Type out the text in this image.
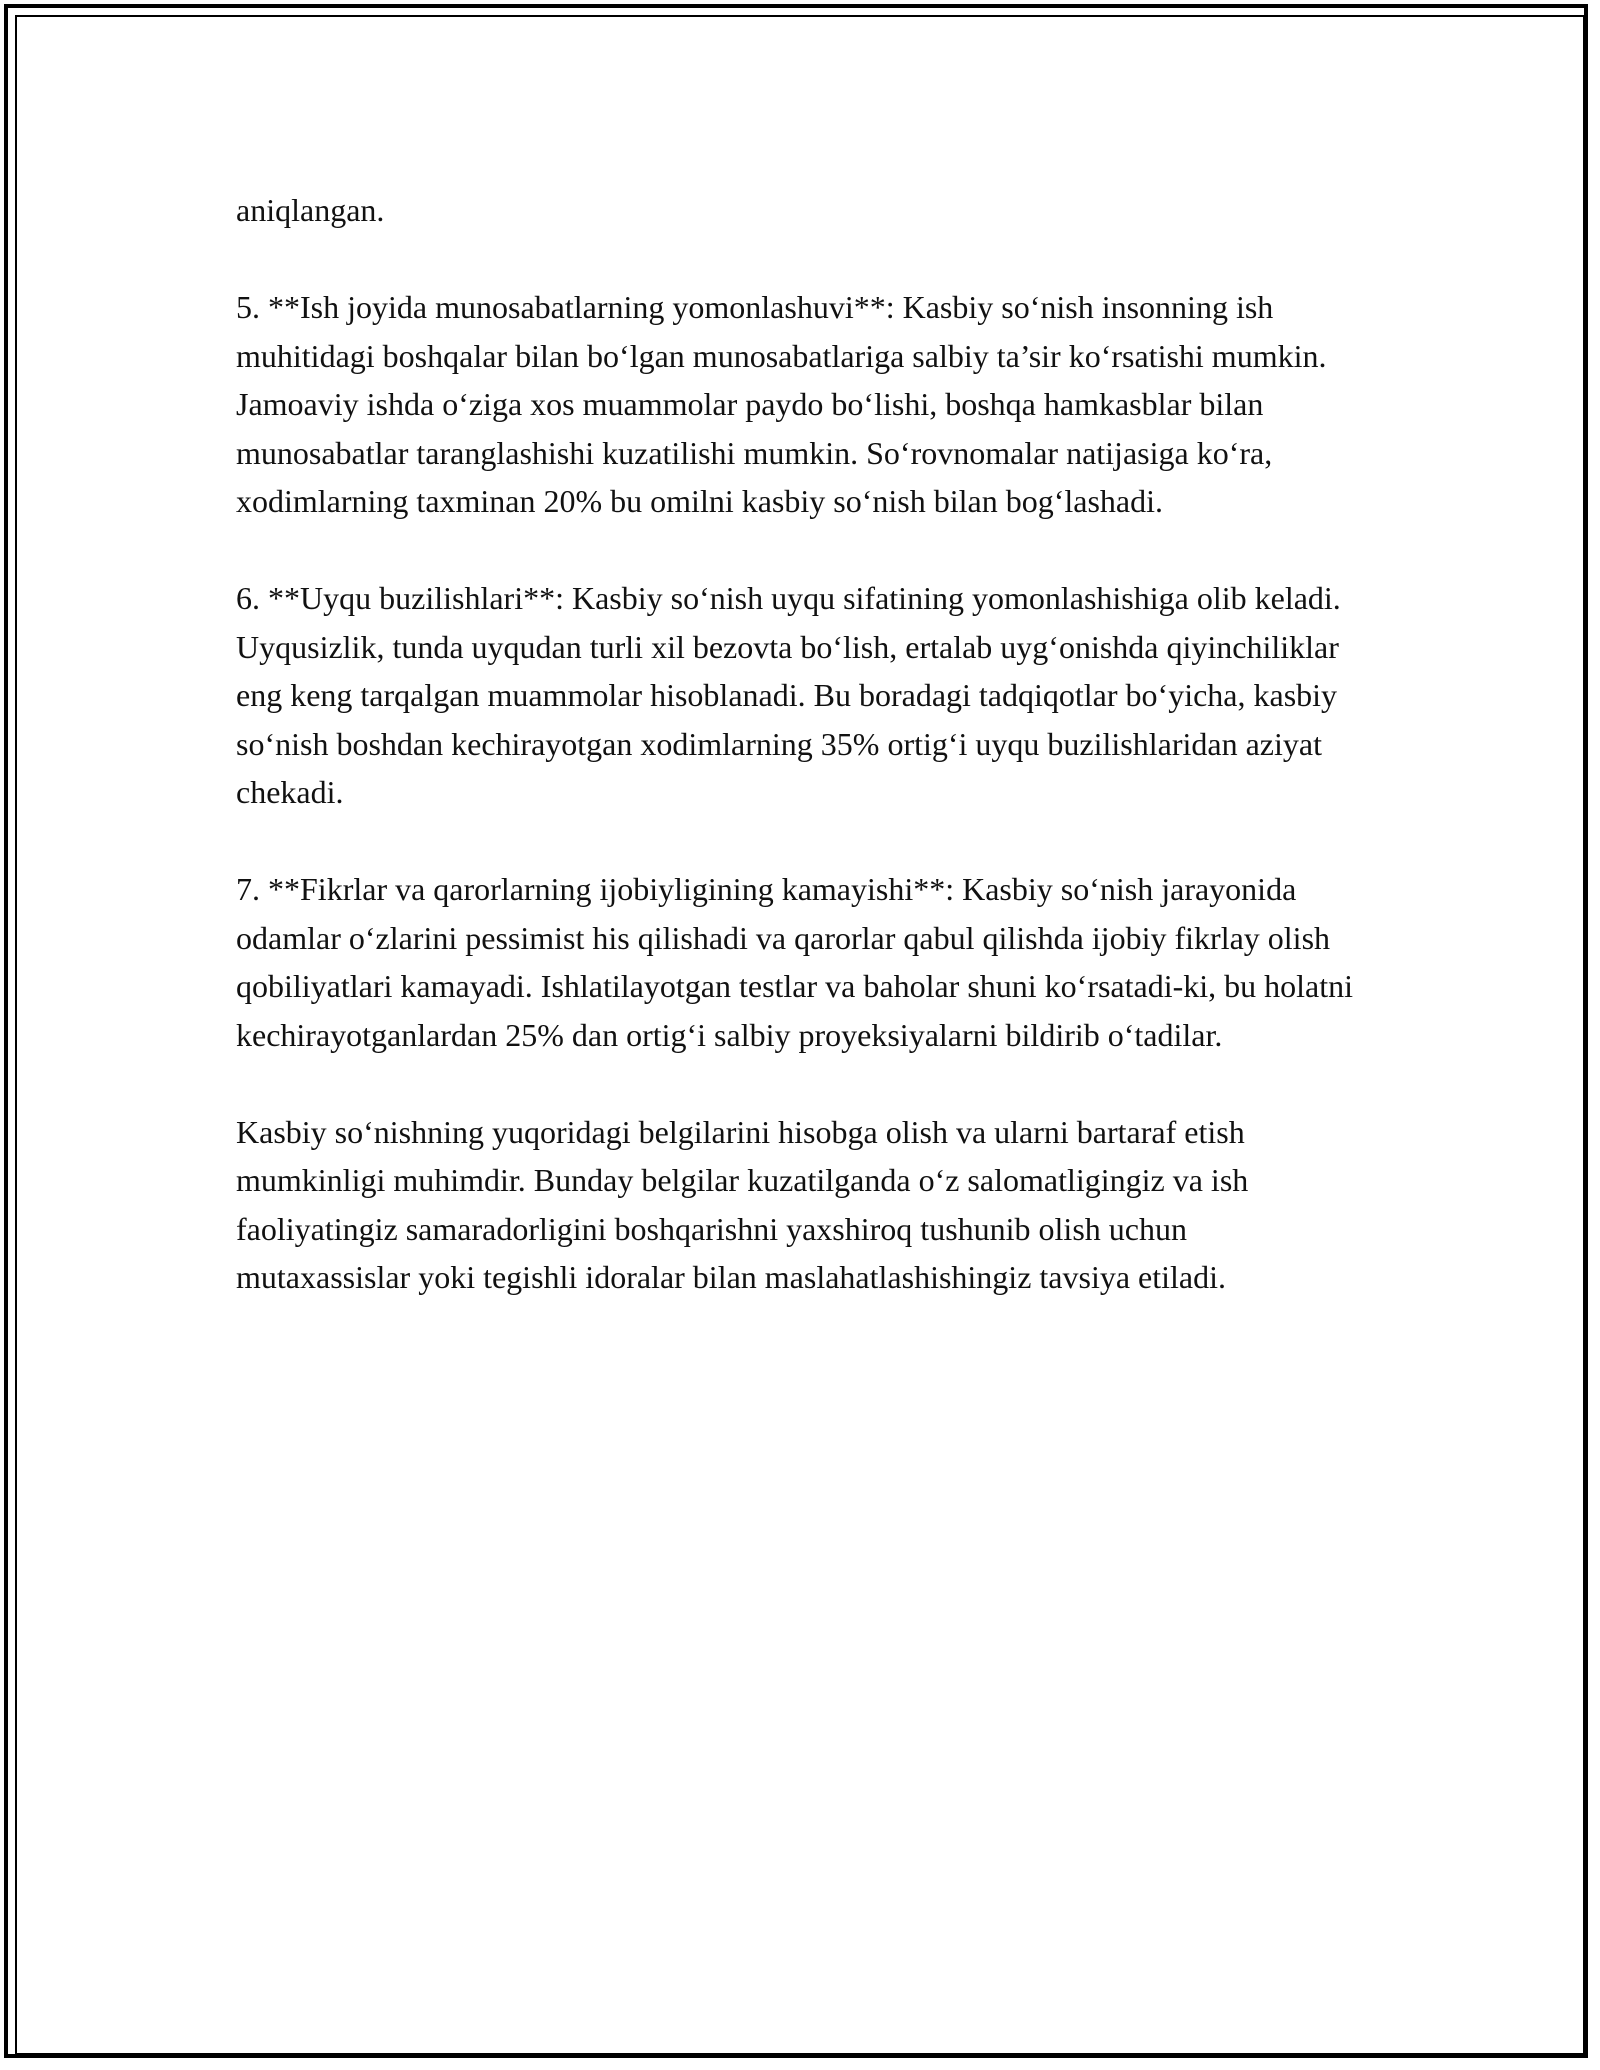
aniqlangan.

5. **Ish joyida munosabatlarning yomonlashuvi**: Kasbiy so‘nish insonning ish muhitidagi boshqalar bilan bo‘lgan munosabatlariga salbiy ta’sir ko‘rsatishi mumkin. Jamoaviy ishda o‘ziga xos muammolar paydo bo‘lishi, boshqa hamkasblar bilan munosabatlar taranglashishi kuzatilishi mumkin. So‘rovnomalar natijasiga ko‘ra, xodimlarning taxminan 20% bu omilni kasbiy so‘nish bilan bog‘lashadi.

6. **Uyqu buzilishlari**: Kasbiy so‘nish uyqu sifatining yomonlashishiga olib keladi. Uyqusizlik, tunda uyqudan turli xil bezovta bo‘lish, ertalab uyg‘onishda qiyinchiliklar eng keng tarqalgan muammolar hisoblanadi. Bu boradagi tadqiqotlar bo‘yicha, kasbiy so‘nish boshdan kechirayotgan xodimlarning 35% ortig‘i uyqu buzilishlaridan aziyat chekadi.

7. **Fikrlar va qarorlarning ijobiyligining kamayishi**: Kasbiy so‘nish jarayonida odamlar o‘zlarini pessimist his qilishadi va qarorlar qabul qilishda ijobiy fikrlay olish qobiliyatlari kamayadi. Ishlatilayotgan testlar va baholar shuni ko‘rsatadi-ki, bu holatni kechirayotganlardan 25% dan ortig‘i salbiy proyeksiyalarni bildirib o‘tadilar.

Kasbiy so‘nishning yuqoridagi belgilarini hisobga olish va ularni bartaraf etish mumkinligi muhimdir. Bunday belgilar kuzatilganda o‘z salomatligingiz va ish faoliyatingiz samaradorligini boshqarishni yaxshiroq tushunib olish uchun mutaxassislar yoki tegishli idoralar bilan maslahatlashishingiz tavsiya etiladi.
